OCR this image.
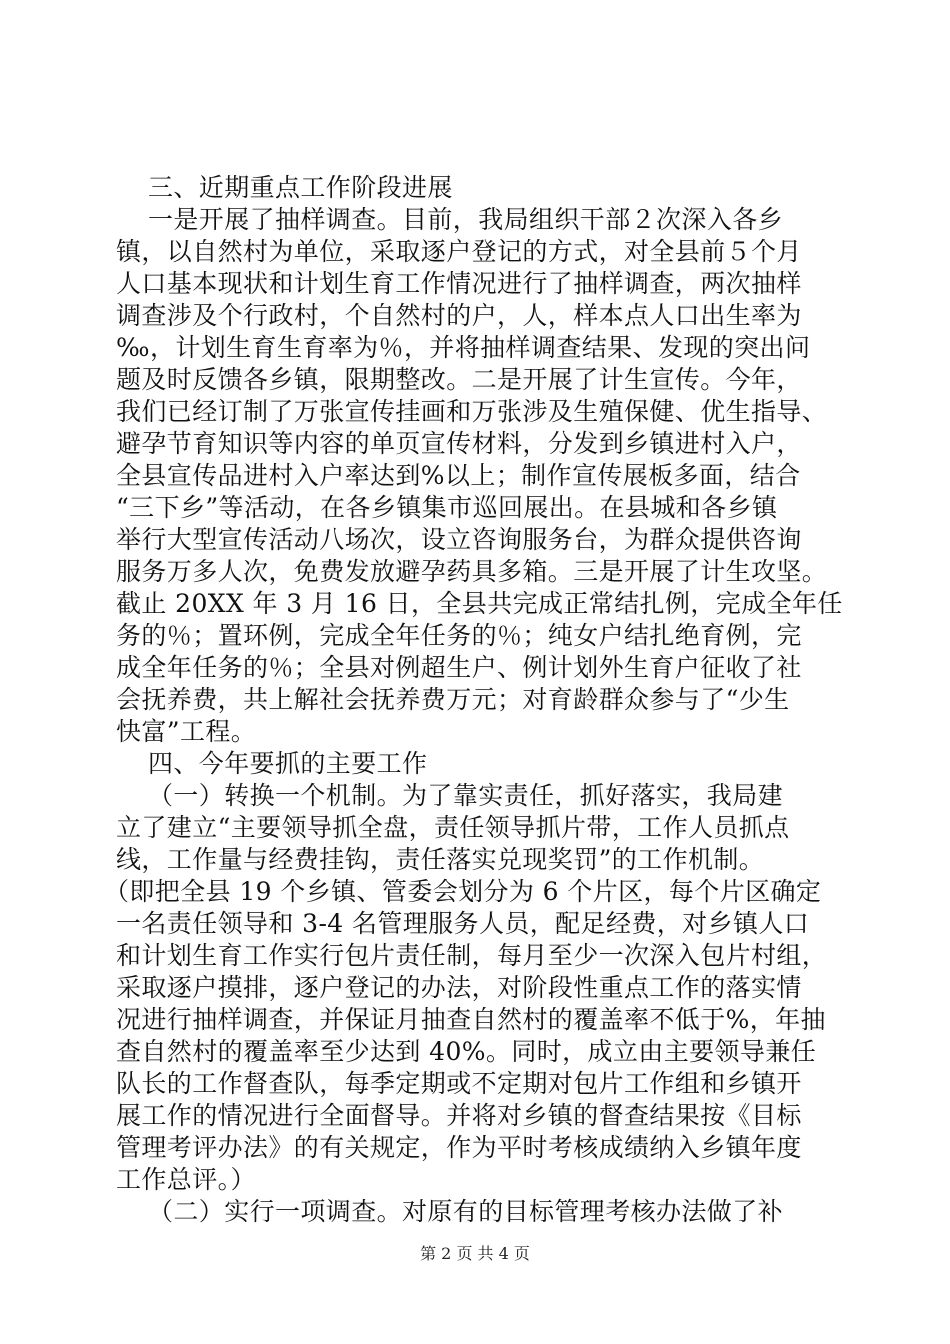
三、近期重点工作阶段进展
一是开展了抽样调查。目前，我局组织干部２次深入各乡
镇，以自然村为单位，采取逐户登记的方式，对全县前５个月
人口基本现状和计划生育工作情况进行了抽样调查，两次抽样
调查涉及个行政村，个自然村的户，人，样本点人口出生率为
‰，计划生育生育率为％，并将抽样调查结果、发现的突出问
题及时反馈各乡镇，限期整改。二是开展了计生宣传。今年，
我们已经订制了万张宣传挂画和万张涉及生殖保健、优生指导、
避孕节育知识等内容的单页宣传材料，分发到乡镇进村入户，
全县宣传品进村入户率达到%以上；制作宣传展板多面，结合
“三下乡”等活动，在各乡镇集市巡回展出。在县城和各乡镇
举行大型宣传活动八场次，设立咨询服务台，为群众提供咨询
服务万多人次，免费发放避孕药具多箱。三是开展了计生攻坚。
截止 20XX 年 3 月 16 日，全县共完成正常结扎例，完成全年任
务的％；置环例，完成全年任务的％；纯女户结扎绝育例，完
成全年任务的％；全县对例超生户、例计划外生育户征收了社
会抚养费，共上解社会抚养费万元；对育龄群众参与了“少生
快富”工程。
四、今年要抓的主要工作
（一）转换一个机制。为了靠实责任，抓好落实，我局建
立了建立“主要领导抓全盘，责任领导抓片带，工作人员抓点
线，工作量与经费挂钩，责任落实兑现奖罚”的工作机制。
（即把全县 19 个乡镇、管委会划分为 6 个片区，每个片区确定
一名责任领导和 3-4 名管理服务人员，配足经费，对乡镇人口
和计划生育工作实行包片责任制，每月至少一次深入包片村组，
采取逐户摸排，逐户登记的办法，对阶段性重点工作的落实情
况进行抽样调查，并保证月抽查自然村的覆盖率不低于%，年抽
查自然村的覆盖率至少达到 40%。同时，成立由主要领导兼任
队长的工作督查队，每季定期或不定期对包片工作组和乡镇开
展工作的情况进行全面督导。并将对乡镇的督查结果按《目标
管理考评办法》的有关规定，作为平时考核成绩纳入乡镇年度
工作总评。）
（二）实行一项调查。对原有的目标管理考核办法做了补
第 2 页 共 4 页
